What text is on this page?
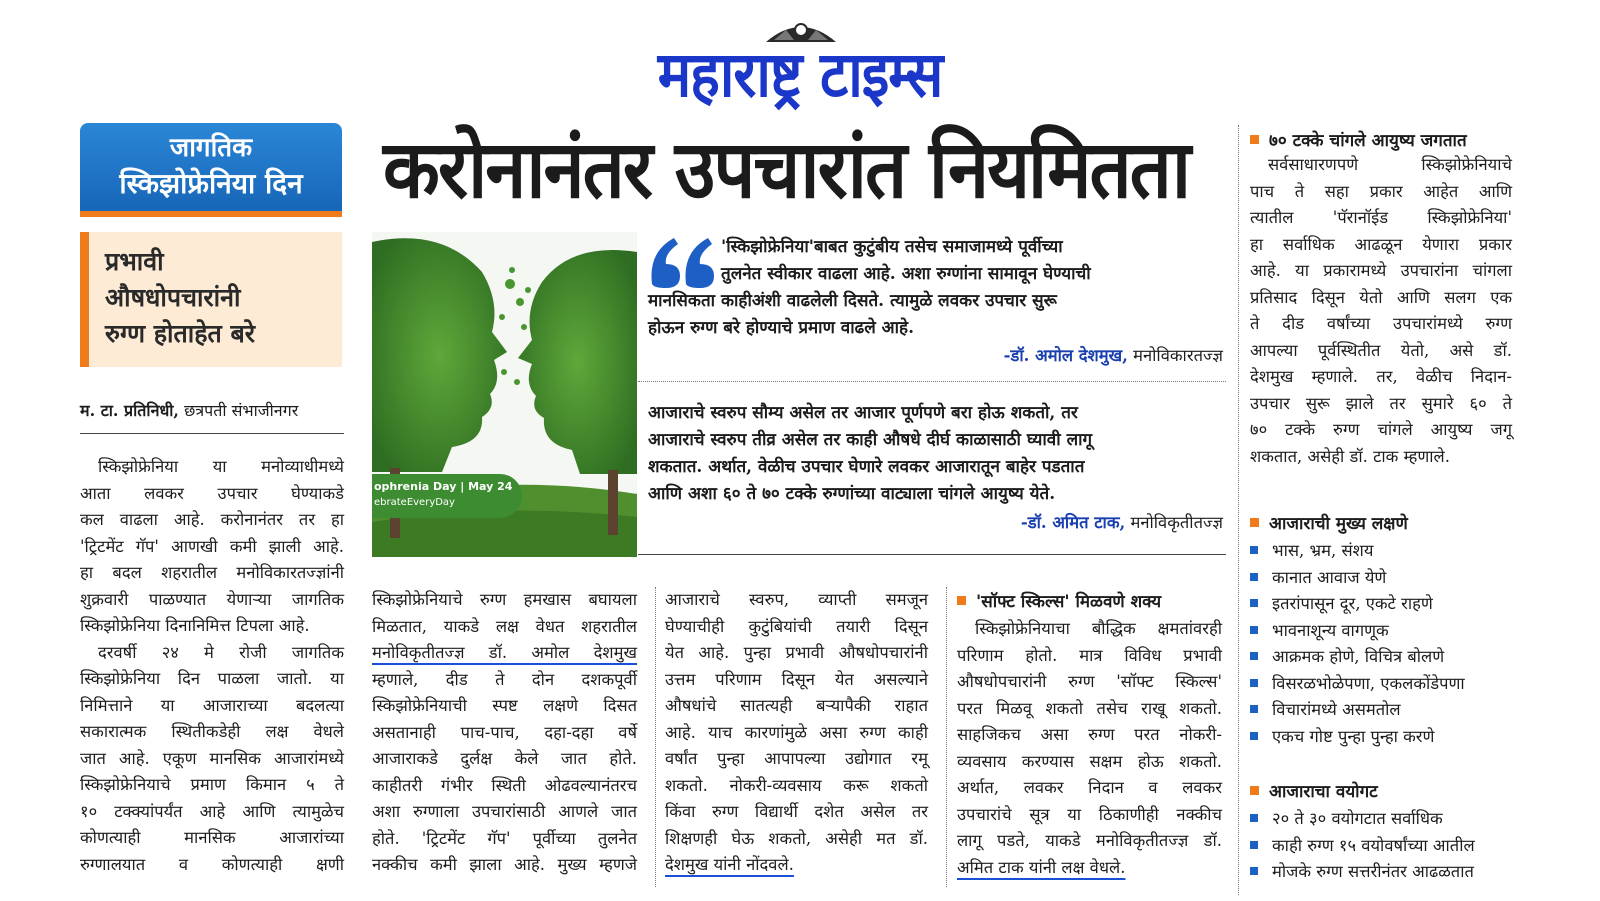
महाराष्ट्र टाइम्स
जागतिक
स्किझोफ्रेनिया दिन
प्रभावी
औषधोपचारांनी
रुग्ण होताहेत बरे
म. टा. प्रतिनिधी, छत्रपती संभाजीनगर
करोनानंतर उपचारांत नियमितता
ophrenia Day | May 24
ebrateEveryDay
'स्किझोफ्रेनिया'बाबत कुटुंबीय तसेच समाजामध्ये पूर्वीच्या
तुलनेत स्वीकार वाढला आहे. अशा रुग्णांना सामावून घेण्याची
मानसिकता काहीअंशी वाढलेली दिसते. त्यामुळे लवकर उपचार सुरू
होऊन रुग्ण बरे होण्याचे प्रमाण वाढले आहे.
-डॉ. अमोल देशमुख, मनोविकारतज्ज्ञ
आजाराचे स्वरुप सौम्य असेल तर आजार पूर्णपणे बरा होऊ शकतो, तर
आजाराचे स्वरुप तीव्र असेल तर काही औषधे दीर्घ काळासाठी घ्यावी लागू
शकतात. अर्थात, वेळीच उपचार घेणारे लवकर आजारातून बाहेर पडतात
आणि अशा ६० ते ७० टक्के रुग्णांच्या वाट्याला चांगले आयुष्य येते.
-डॉ. अमित टाक, मनोविकृतीतज्ज्ञ
स्किझोफ्रेनिया या मनोव्याधीमध्ये
आता लवकर उपचार घेण्याकडे
कल वाढला आहे. करोनानंतर तर हा
'ट्रिटमेंट गॅप' आणखी कमी झाली आहे.
हा बदल शहरातील मनोविकारतज्ज्ञांनी
शुक्रवारी पाळण्यात येणाऱ्या जागतिक
स्किझोफ्रेनिया दिनानिमित्त टिपला आहे.
दरवर्षी २४ मे रोजी जागतिक
स्किझोफ्रेनिया दिन पाळला जातो. या
निमित्ताने या आजाराच्या बदलत्या
सकारात्मक स्थितीकडेही लक्ष वेधले
जात आहे. एकूण मानसिक आजारांमध्ये
स्किझोफ्रेनियाचे प्रमाण किमान ५ ते
१० टक्क्यांपर्यंत आहे आणि त्यामुळेच
कोणत्याही मानसिक आजारांच्या
रुग्णालयात व कोणत्याही क्षणी
स्किझोफ्रेनियाचे रुग्ण हमखास बघायला
मिळतात, याकडे लक्ष वेधत शहरातील
मनोविकृतीतज्ज्ञ डॉ. अमोल देशमुख
म्हणाले, दीड ते दोन दशकपूर्वी
स्किझोफ्रेनियाची स्पष्ट लक्षणे दिसत
असतानाही पाच-पाच, दहा-दहा वर्षे
आजाराकडे दुर्लक्ष केले जात होते.
काहीतरी गंभीर स्थिती ओढवल्यानंतरच
अशा रुग्णाला उपचारांसाठी आणले जात
होते. 'ट्रिटमेंट गॅप' पूर्वीच्या तुलनेत
नक्कीच कमी झाला आहे. मुख्य म्हणजे
आजाराचे स्वरुप, व्याप्ती समजून
घेण्याचीही कुटुंबियांची तयारी दिसून
येत आहे. पुन्हा प्रभावी औषधोपचारांनी
उत्तम परिणाम दिसून येत असल्याने
औषधांचे सातत्यही बऱ्यापैकी राहात
आहे. याच कारणांमुळे असा रुग्ण काही
वर्षांत पुन्हा आपापल्या उद्योगात रमू
शकतो. नोकरी-व्यवसाय करू शकतो
किंवा रुग्ण विद्यार्थी दशेत असेल तर
शिक्षणही घेऊ शकतो, असेही मत डॉ.
देशमुख यांनी नोंदवले.
'सॉफ्ट स्किल्स' मिळवणे शक्य
स्किझोफ्रेनियाचा बौद्धिक क्षमतांवरही
परिणाम होतो. मात्र विविध प्रभावी
औषधोपचारांनी रुग्ण 'सॉफ्ट स्किल्स'
परत मिळवू शकतो तसेच राखू शकतो.
साहजिकच असा रुग्ण परत नोकरी-
व्यवसाय करण्यास सक्षम होऊ शकतो.
अर्थात, लवकर निदान व लवकर
उपचारांचे सूत्र या ठिकाणीही नक्कीच
लागू पडते, याकडे मनोविकृतीतज्ज्ञ डॉ.
अमित टाक यांनी लक्ष वेधले.
७० टक्के चांगले आयुष्य जगतात
सर्वसाधारणपणे स्किझोफ्रेनियाचे
पाच ते सहा प्रकार आहेत आणि
त्यातील 'पॅरानॉईड स्किझोफ्रेनिया'
हा सर्वाधिक आढळून येणारा प्रकार
आहे. या प्रकारामध्ये उपचारांना चांगला
प्रतिसाद दिसून येतो आणि सलग एक
ते दीड वर्षांच्या उपचारांमध्ये रुग्ण
आपल्या पूर्वस्थितीत येतो, असे डॉ.
देशमुख म्हणाले. तर, वेळीच निदान-
उपचार सुरू झाले तर सुमारे ६० ते
७० टक्के रुग्ण चांगले आयुष्य जगू
शकतात, असेही डॉ. टाक म्हणाले.
आजाराची मुख्य लक्षणे
भास, भ्रम, संशय
कानात आवाज येणे
इतरांपासून दूर, एकटे राहणे
भावनाशून्य वागणूक
आक्रमक होणे, विचित्र बोलणे
विसरळभोळेपणा, एकलकोंडेपणा
विचारांमध्ये असमतोल
एकच गोष्ट पुन्हा पुन्हा करणे
आजाराचा वयोगट
२० ते ३० वयोगटात सर्वाधिक
काही रुग्ण १५ वयोवर्षांच्या आतील
मोजके रुग्ण सत्तरीनंतर आढळतात
